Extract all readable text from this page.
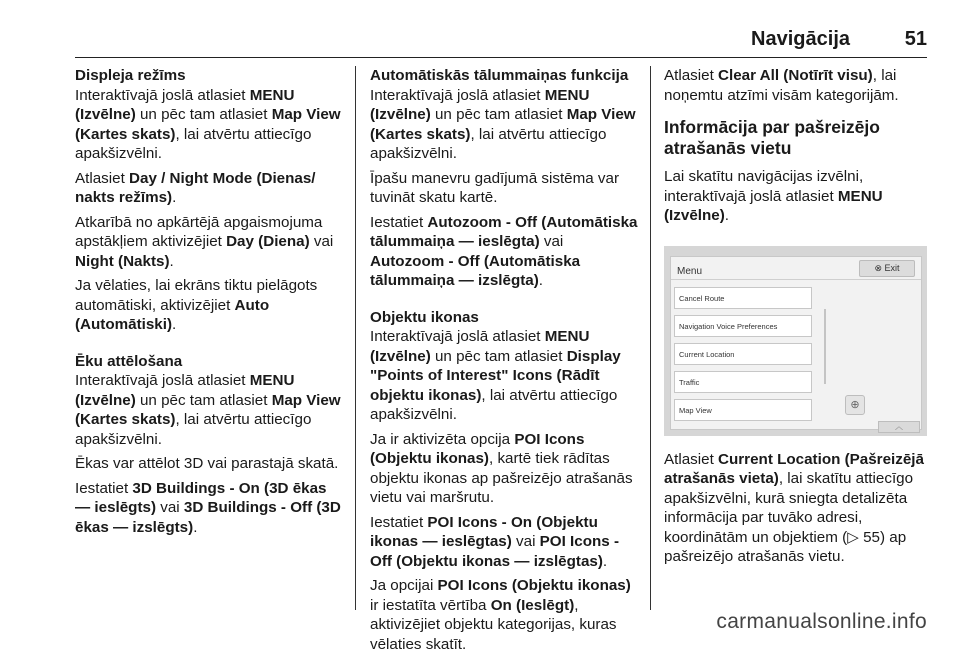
Navigācija	51
Displeja režīms

Interaktīvajā joslā atlasiet MENU (Izvēlne) un pēc tam atlasiet Map View (Kartes skats), lai atvērtu attiecīgo apakšizvēlni.

Atlasiet Day / Night Mode (Dienas/ nakts režīms).

Atkarībā no apkārtējā apgaismojuma apstākļiem aktivizējiet Day (Diena) vai Night (Nakts).

Ja vēlaties, lai ekrāns tiktu pielāgots automātiski, aktivizējiet Auto (Automātiski).

Ēku attēlošana

Interaktīvajā joslā atlasiet MENU (Izvēlne) un pēc tam atlasiet Map View (Kartes skats), lai atvērtu attiecīgo apakšizvēlni.

Ēkas var attēlot 3D vai parastajā skatā.

Iestatiet 3D Buildings - On (3D ēkas — ieslēgts) vai 3D Buildings - Off (3D ēkas — izslēgts).

Automātiskās tālummaiņas funkcija

Interaktīvajā joslā atlasiet MENU (Izvēlne) un pēc tam atlasiet Map View (Kartes skats), lai atvērtu attiecīgo apakšizvēlni.

Īpašu manevru gadījumā sistēma var tuvināt skatu kartē.

Iestatiet Autozoom - Off (Automātiska tālummaiņa — ieslēgta) vai Autozoom - Off (Automātiska tālummaiņa — izslēgta).

Objektu ikonas

Interaktīvajā joslā atlasiet MENU (Izvēlne) un pēc tam atlasiet Display "Points of Interest" Icons (Rādīt objektu ikonas), lai atvērtu attiecīgo apakšizvēlni.

Ja ir aktivizēta opcija POI Icons (Objektu ikonas), kartē tiek rādītas objektu ikonas ap pašreizējo atrašanās vietu vai maršrutu.

Iestatiet POI Icons - On (Objektu ikonas — ieslēgtas) vai POI Icons - Off (Objektu ikonas — izslēgtas).

Ja opcijai POI Icons (Objektu ikonas) ir iestatīta vērtība On (Ieslēgt), aktivizējiet objektu kategorijas, kuras vēlaties skatīt.

Atlasiet Clear All (Notīrīt visu), lai noņemtu atzīmi visām kategorijām.

Informācija par pašreizējo atrašanās vietu

Lai skatītu navigācijas izvēlni, interaktīvajā joslā atlasiet MENU (Izvēlne).

Menu	⊗ Exit
Cancel Route
Navigation Voice Preferences
Current Location
Traffic
Map View	⊕
︿

Atlasiet Current Location (Pašreizējā atrašanās vieta), lai skatītu attiecīgo apakšizvēlni, kurā sniegta detalizēta informācija par tuvāko adresi, koordinātām un objektiem (▷ 55) ap pašreizējo atrašanās vietu.

carmanualsonline.info
